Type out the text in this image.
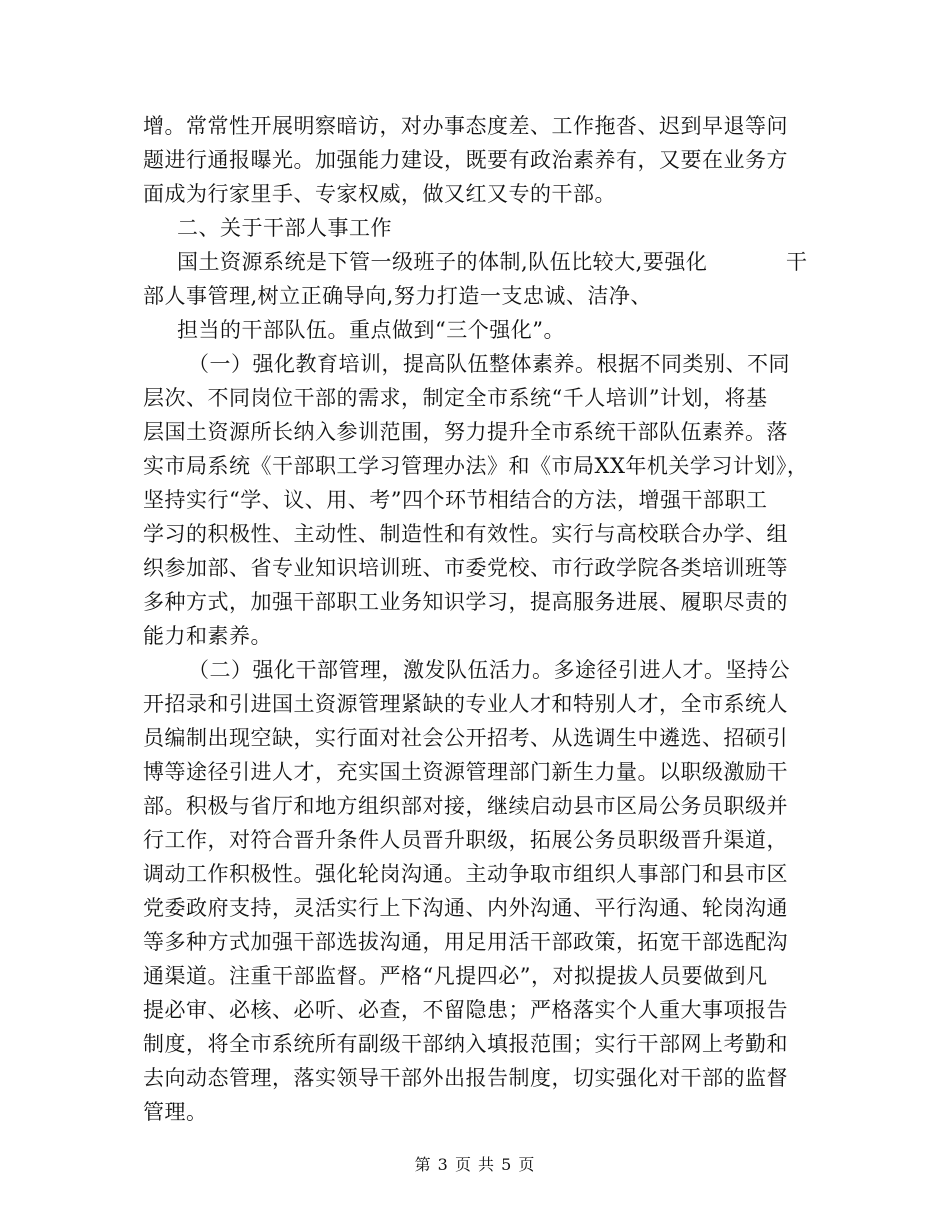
增。常常性开展明察暗访，对办事态度差、工作拖沓、迟到早退等问
题进行通报曝光。加强能力建设，既要有政治素养有，又要在业务方
面成为行家里手、专家权威，做又红又专的干部。
二、关于干部人事工作
国土资源系统是下管一级班子的体制,队伍比较大,要强化	干
部人事管理,树立正确导向,努力打造一支忠诚、洁净、
担当的干部队伍。重点做到“三个强化”。
（一）强化教育培训，提高队伍整体素养。根据不同类别、不同
层次、不同岗位干部的需求，制定全市系统“千人培训”计划，将基
层国土资源所长纳入参训范围，努力提升全市系统干部队伍素养。落
实市局系统《干部职工学习管理办法》和《市局XX年机关学习计划》，
坚持实行“学、议、用、考”四个环节相结合的方法，增强干部职工
学习的积极性、主动性、制造性和有效性。实行与高校联合办学、组
织参加部、省专业知识培训班、市委党校、市行政学院各类培训班等
多种方式，加强干部职工业务知识学习，提高服务进展、履职尽责的
能力和素养。
（二）强化干部管理，激发队伍活力。多途径引进人才。坚持公
开招录和引进国土资源管理紧缺的专业人才和特别人才，全市系统人
员编制出现空缺，实行面对社会公开招考、从选调生中遴选、招硕引
博等途径引进人才，充实国土资源管理部门新生力量。以职级激励干
部。积极与省厅和地方组织部对接，继续启动县市区局公务员职级并
行工作，对符合晋升条件人员晋升职级，拓展公务员职级晋升渠道，
调动工作积极性。强化轮岗沟通。主动争取市组织人事部门和县市区
党委政府支持，灵活实行上下沟通、内外沟通、平行沟通、轮岗沟通
等多种方式加强干部选拔沟通，用足用活干部政策，拓宽干部选配沟
通渠道。注重干部监督。严格“凡提四必”，对拟提拔人员要做到凡
提必审、必核、必听、必查，不留隐患；严格落实个人重大事项报告
制度，将全市系统所有副级干部纳入填报范围；实行干部网上考勤和
去向动态管理，落实领导干部外出报告制度，切实强化对干部的监督
管理。
第 3 页 共 5 页
